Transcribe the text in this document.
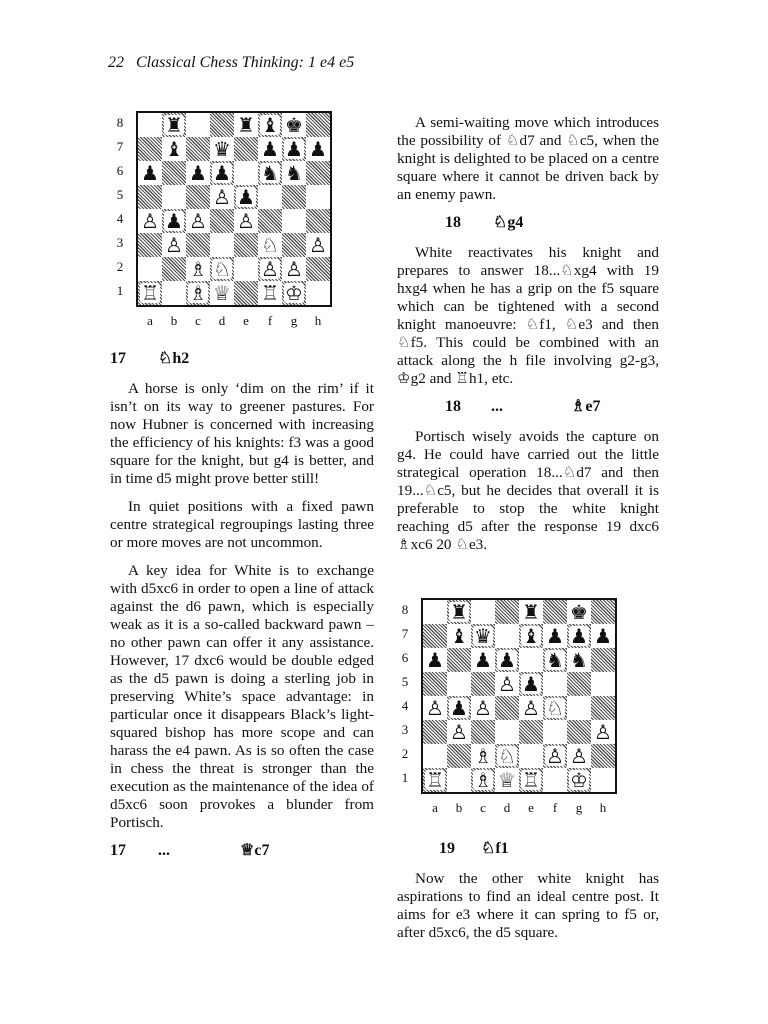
22 Classical Chess Thinking: 1 e4 e5
8
7
6
5
4
3
2
1
♜	♜ ♝ ♚
♝ ♛ ♟ ♟ ♟
♟ ♟ ♟ ♞ ♞
♙ ♟
♙ ♟ ♙ ♙
♙	♘ ♙
♗ ♘ ♙ ♙
♖ ♗ ♕ ♖ ♔
a	b	c	d	e	f	g	h
8
7
6
5
4
3
2
1
♜	♜ ♚
♝ ♛ ♝ ♟ ♟ ♟
♟ ♟ ♟ ♞ ♞
♙ ♟
♙ ♟ ♙ ♙ ♘
♙	♙
♗ ♘ ♙ ♙
♖ ♗ ♕ ♖ ♔
a	b	c	d	e	f	g	h
17	♘h2

A horse is only ‘dim on the rim’ if it isn’t on its way to greener pastures. For now Hubner is concerned with increasing the efficiency of his knights: f3 was a good square for the knight, but g4 is better, and in time d5 might prove better still!

In quiet positions with a fixed pawn centre strategical regroupings lasting three or more moves are not uncommon.

A key idea for White is to exchange with d5xc6 in order to open a line of attack against the d6 pawn, which is especially weak as it is a so-called backward pawn – no other pawn can offer it any assistance. However, 17 dxc6 would be double edged as the d5 pawn is doing a sterling job in preserving White’s space advantage: in particular once it disappears Black’s light-squared bishop has more scope and can harass the e4 pawn. As is so often the case in chess the threat is stronger than the execution as the maintenance of the idea of d5xc6 soon provokes a blunder from Portisch.

17	...	♕c7

A semi-waiting move which introduces the possibility of ♘d7 and ♘c5, when the knight is delighted to be placed on a centre square where it cannot be driven back by an enemy pawn.

18	♘g4

White reactivates his knight and prepares to answer 18...♘xg4 with 19 hxg4 when he has a grip on the f5 square which can be tightened with a second knight manoeuvre: ♘f1, ♘e3 and then ♘f5. This could be combined with an attack along the h file involving g2-g3, ♔g2 and ♖h1, etc.

18	...	♗e7

Portisch wisely avoids the capture on g4. He could have carried out the little strategical operation 18...♘d7 and then 19...♘c5, but he decides that overall it is preferable to stop the white knight reaching d5 after the response 19 dxc6 ♗xc6 20 ♘e3.

19	♘f1

Now the other white knight has aspirations to find an ideal centre post. It aims for e3 where it can spring to f5 or, after d5xc6, the d5 square.
